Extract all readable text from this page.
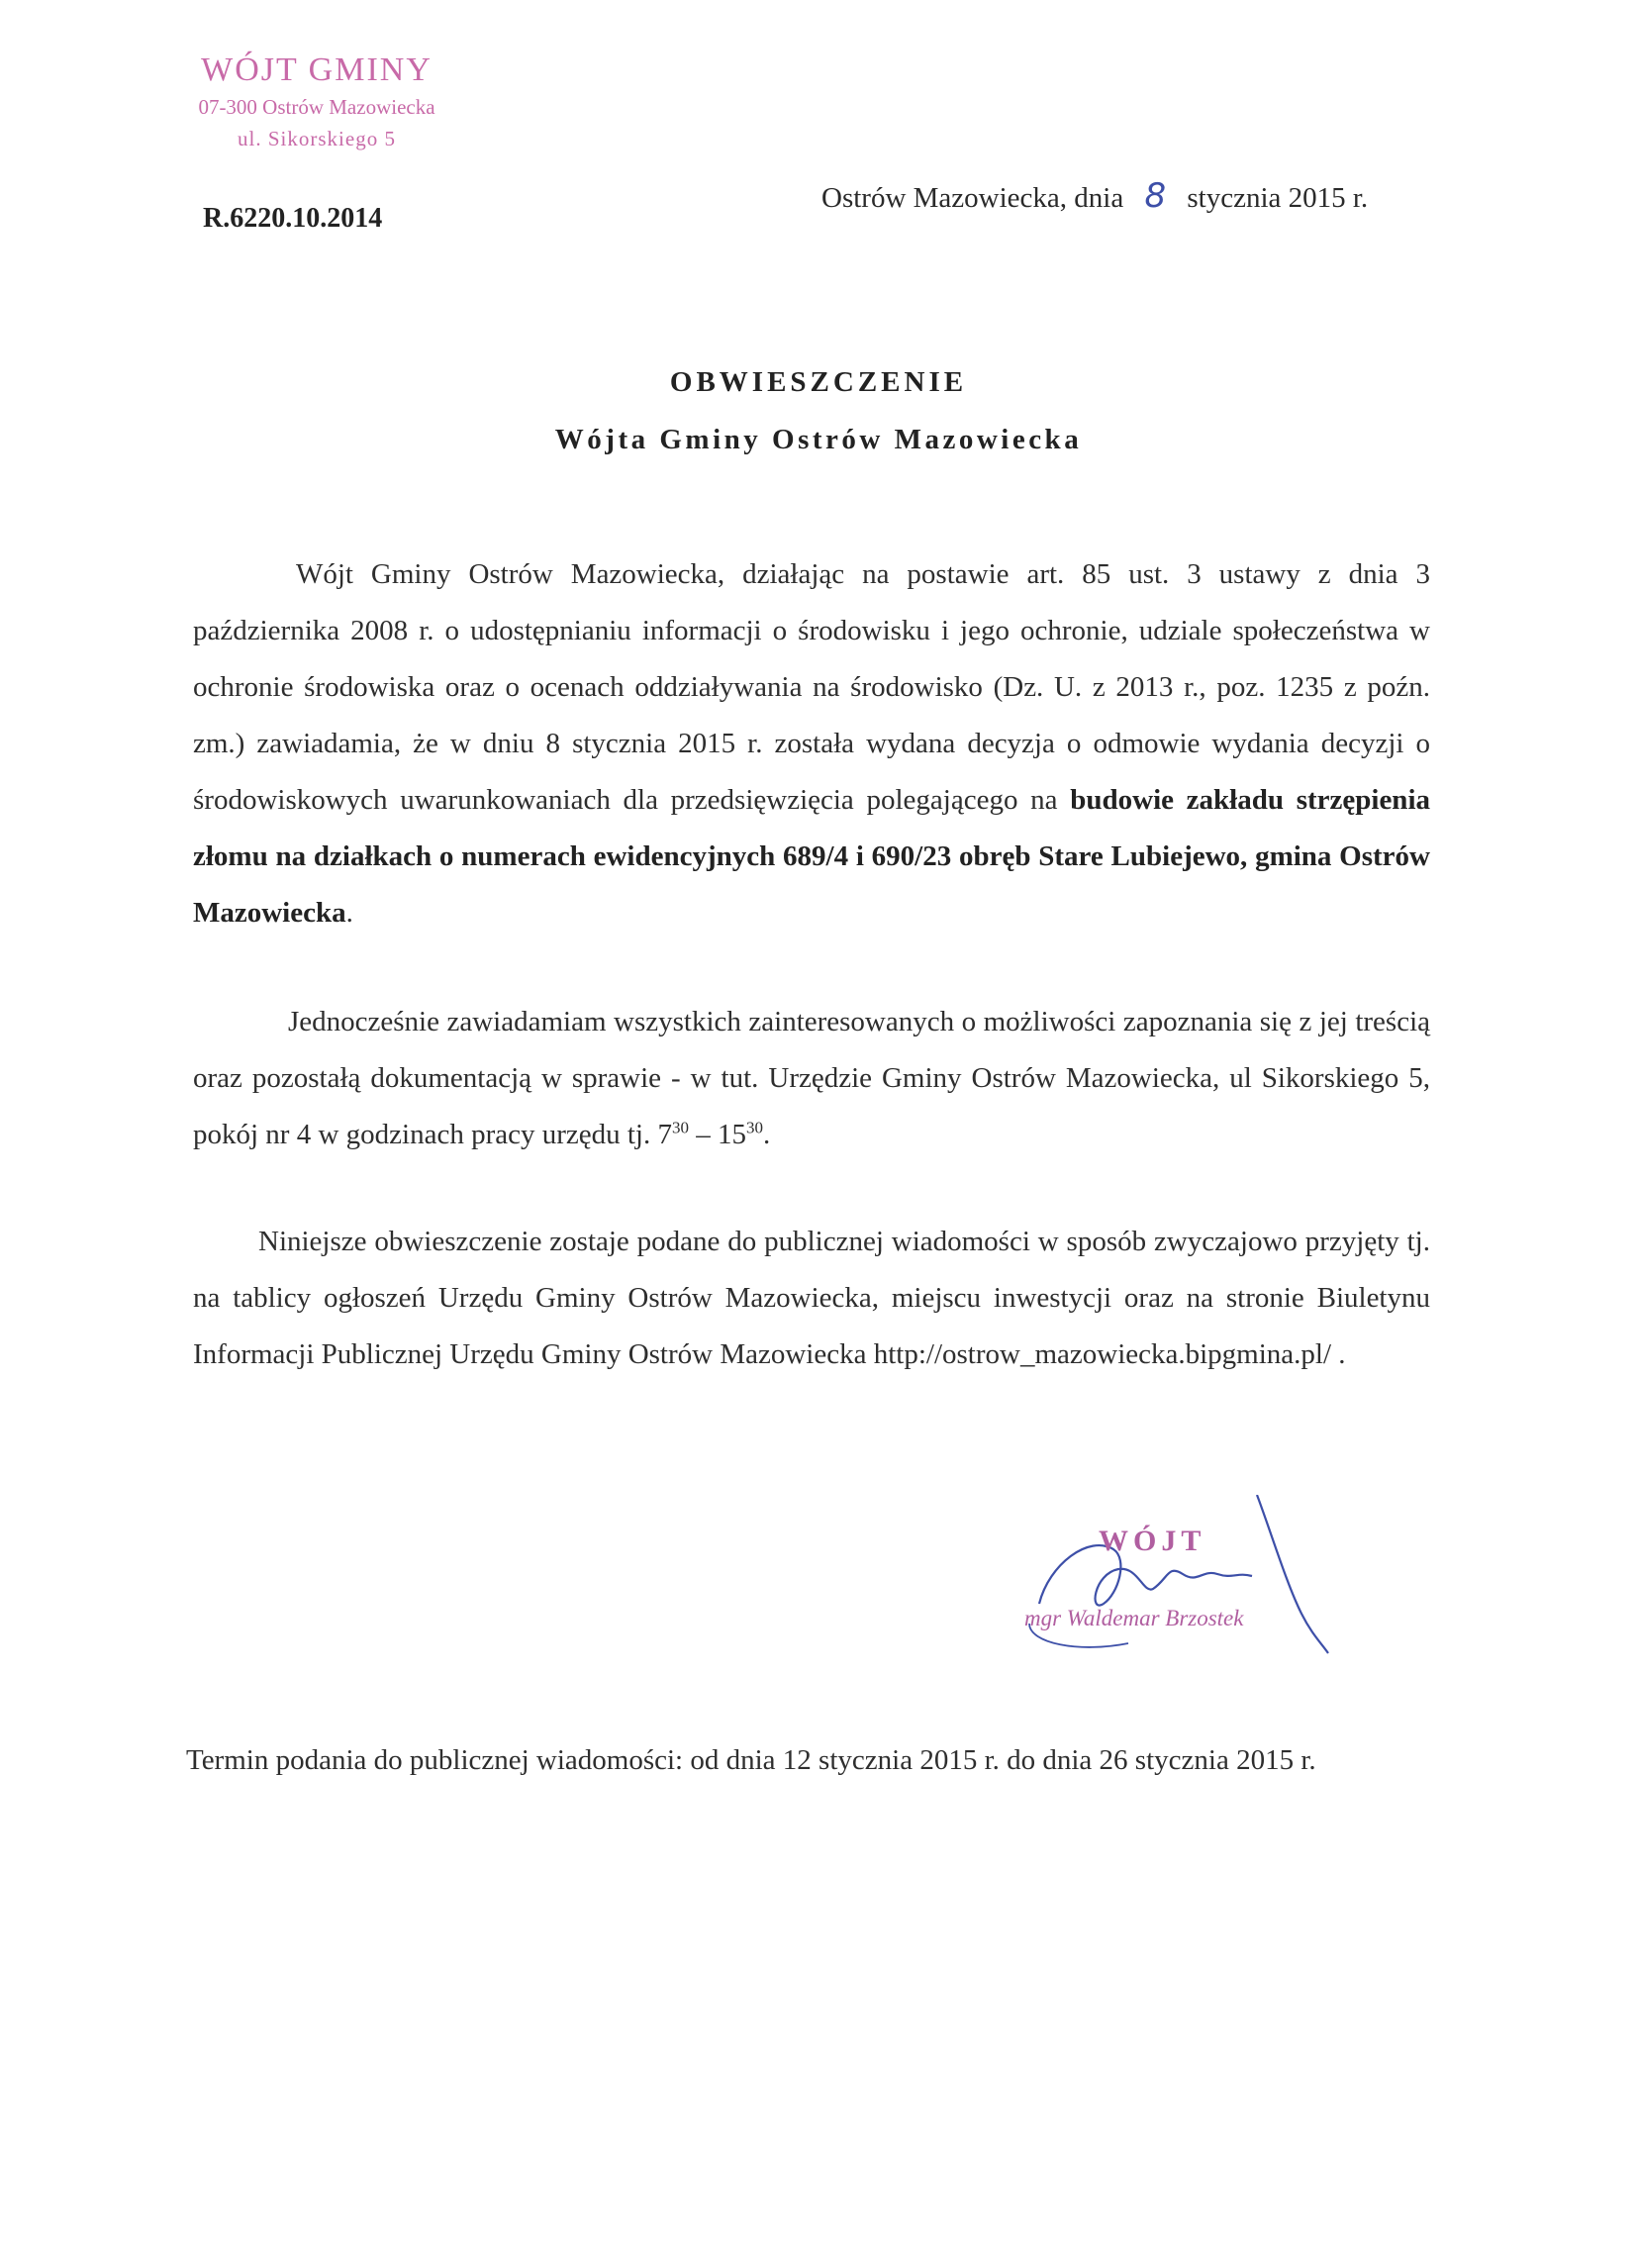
WÓJT GMINY
07-300 Ostrów Mazowiecka
ul. Sikorskiego 5
R.6220.10.2014
Ostrów Mazowiecka, dnia 8 stycznia 2015 r.
OBWIESZCZENIE
Wójta Gminy Ostrów Mazowiecka

Wójt Gminy Ostrów Mazowiecka, działając na postawie art. 85 ust. 3 ustawy z dnia 3 października 2008 r. o udostępnianiu informacji o środowisku i jego ochronie, udziale społeczeństwa w ochronie środowiska oraz o ocenach oddziaływania na środowisko (Dz. U. z 2013 r., poz. 1235 z poźn. zm.) zawiadamia, że w dniu 8 stycznia 2015 r. została wydana decyzja o odmowie wydania decyzji o środowiskowych uwarunkowaniach dla przedsięwzięcia polegającego na budowie zakładu strzępienia złomu na działkach o numerach ewidencyjnych 689/4 i 690/23 obręb Stare Lubiejewo, gmina Ostrów Mazowiecka.

Jednocześnie zawiadamiam wszystkich zainteresowanych o możliwości zapoznania się z jej treścią oraz pozostałą dokumentacją w sprawie - w tut. Urzędzie Gminy Ostrów Mazowiecka, ul Sikorskiego 5, pokój nr 4 w godzinach pracy urzędu tj. $7^{30} - 15^{30}$.

Niniejsze obwieszczenie zostaje podane do publicznej wiadomości w sposób zwyczajowo przyjęty tj. na tablicy ogłoszeń Urzędu Gminy Ostrów Mazowiecka, miejscu inwestycji oraz na stronie Biuletynu Informacji Publicznej Urzędu Gminy Ostrów Mazowiecka http://ostrow_mazowiecka.bipgmina.pl/ .

WÓJT
mgr Waldemar Brzostek
Termin podania do publicznej wiadomości: od dnia 12 stycznia 2015 r. do dnia 26 stycznia 2015 r.
